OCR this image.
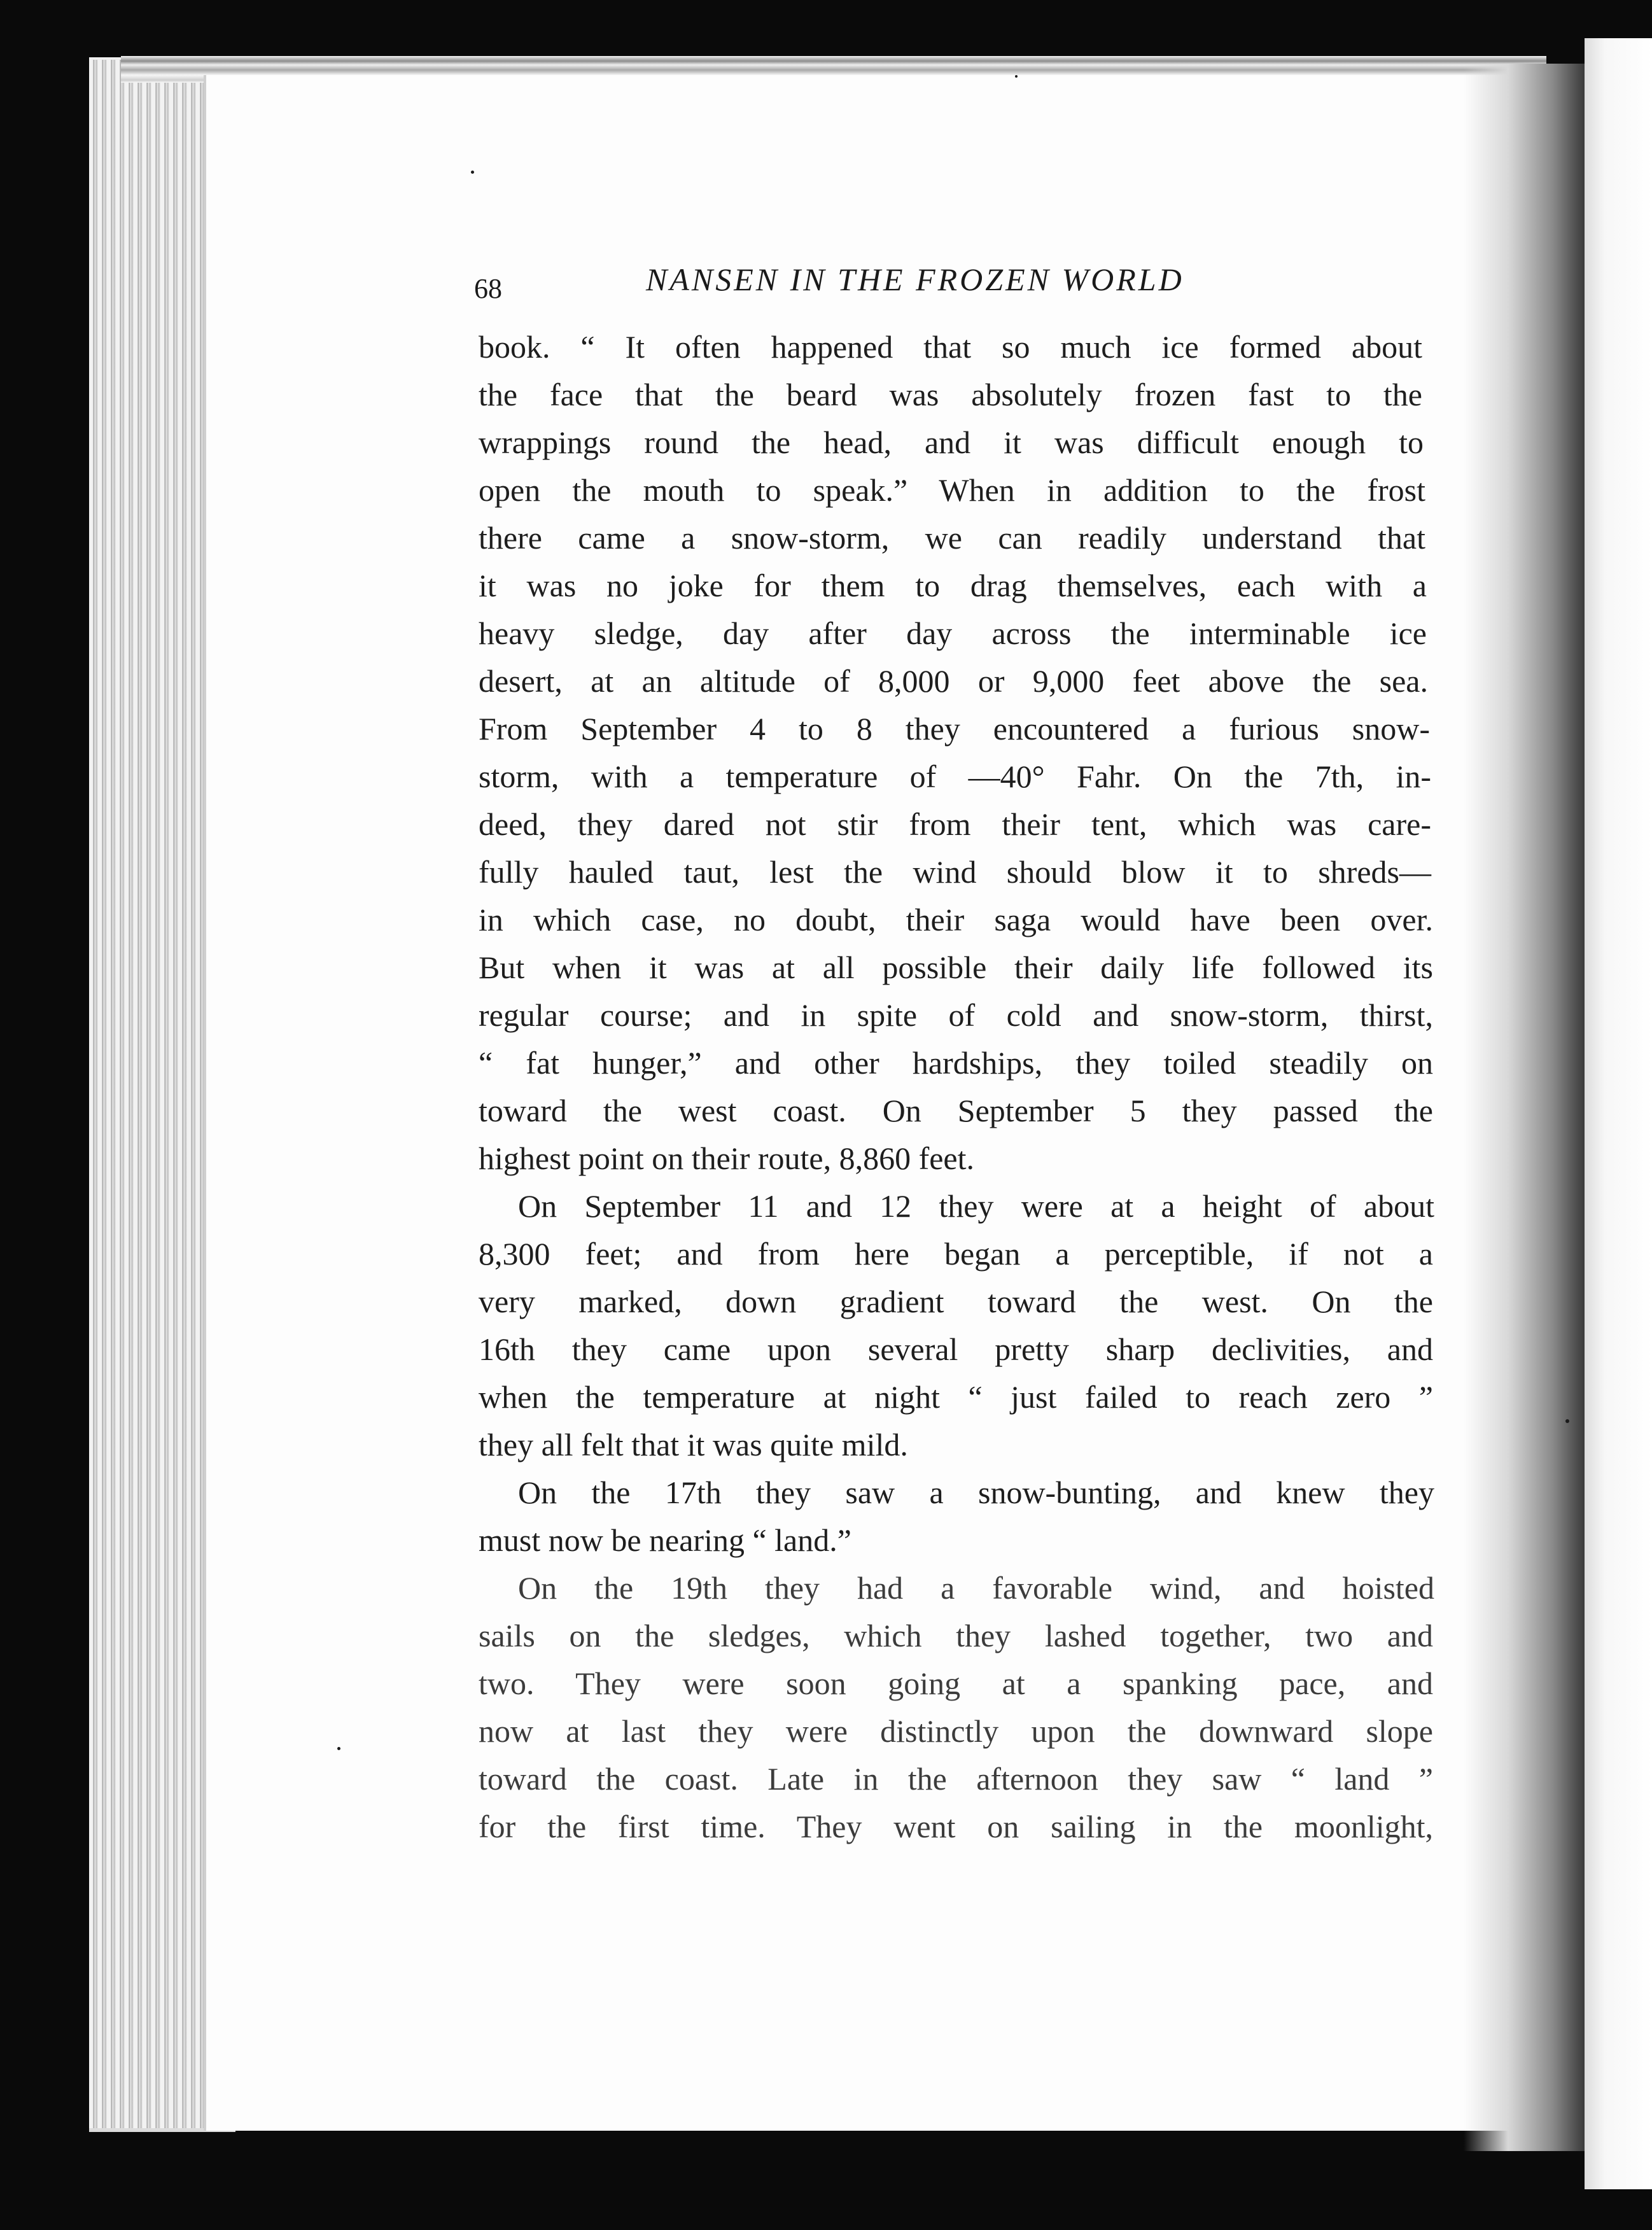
68	NANSEN IN THE FROZEN WORLD
book. “ It often happened that so much ice formed about
the face that the beard was absolutely frozen fast to the
wrappings round the head, and it was difficult enough to
open the mouth to speak.” When in addition to the frost
there came a snow-storm, we can readily understand that
it was no joke for them to drag themselves, each with a
heavy sledge, day after day across the interminable ice
desert, at an altitude of 8,000 or 9,000 feet above the sea.
From September 4 to 8 they encountered a furious snow-
storm, with a temperature of —40° Fahr. On the 7th, in-
deed, they dared not stir from their tent, which was care-
fully hauled taut, lest the wind should blow it to shreds—
in which case, no doubt, their saga would have been over.
But when it was at all possible their daily life followed its
regular course; and in spite of cold and snow-storm, thirst,
“ fat hunger,” and other hardships, they toiled steadily on
toward the west coast. On September 5 they passed the
highest point on their route, 8,860 feet.
On September 11 and 12 they were at a height of about
8,300 feet; and from here began a perceptible, if not a
very marked, down gradient toward the west. On the
16th they came upon several pretty sharp declivities, and
when the temperature at night “ just failed to reach zero ”
they all felt that it was quite mild.
On the 17th they saw a snow-bunting, and knew they
must now be nearing “ land.”
On the 19th they had a favorable wind, and hoisted
sails on the sledges, which they lashed together, two and
two. They were soon going at a spanking pace, and
now at last they were distinctly upon the downward slope
toward the coast. Late in the afternoon they saw “ land ”
for the first time. They went on sailing in the moonlight,
